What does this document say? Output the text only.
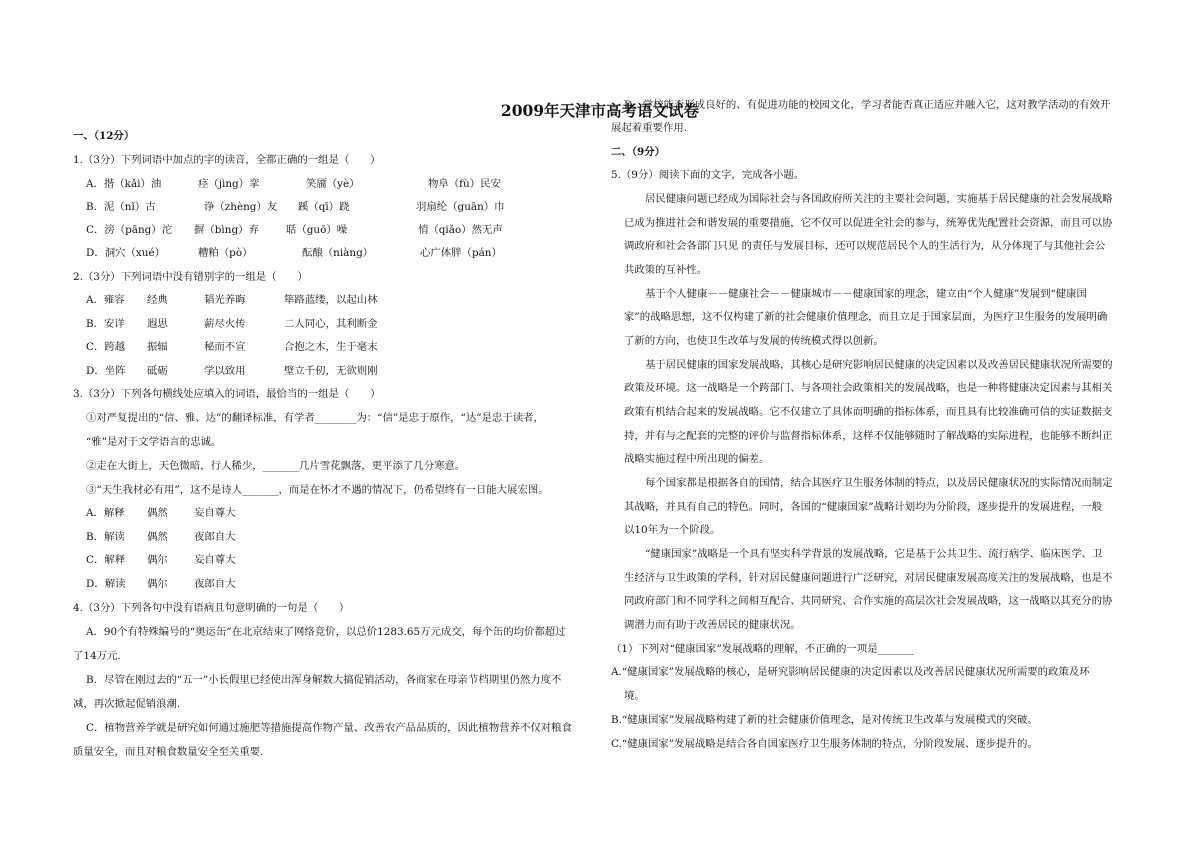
2009年天津市高考语文试卷
一、（12分）
1.（3分）下列词语中加点的字的读音，全都正确的一组是（　　）
A．揩（kǎi）油	痉（jìng）挛	笑靥（yè）	物阜（fù）民安
B．泥（nǐ）古	诤（zhèng）友 蹊（qī）跷	羽扇纶（guān）巾
C．滂（pāng）沱 摒（bìng）弃	聒（guō）噪	悄（qiǎo）然无声
D．洞穴（xué）	糟粕（pò）	酝酿（niàng）	心广体胖（pán）
2.（3分）下列词语中没有错别字的一组是（　　）
A．雍容 经典	韬光养晦	筚路蓝缕，以起山林
B．安详 遐思	薪尽火传	二人同心，其利断金
C．跨越 振辐	秘而不宣	合抱之木，生于毫末
D．坐阵 砥砺	学以致用	壁立千仞，无欲则刚
3.（3分）下列各句横线处应填入的词语，最恰当的一组是（　　）
①对严复提出的“信、雅、达”的翻译标准，有学者________为：“信”是忠于原作，“达”是忠于读者，
“雅”是对于文学语言的忠诚。
②走在大街上，天色微暗，行人稀少，_______几片雪花飘落，更平添了几分寒意。
③“天生我材必有用”，这不是诗人_______，而是在怀才不遇的情况下，仍希望终有一日能大展宏图。
A．解释 偶然	妄自尊大
B．解读 偶然	夜郎自大
C．解释 偶尔	妄自尊大
D．解读 偶尔	夜郎自大
4.（3分）下列各句中没有语病且句意明确的一句是（　　）
A．90个有特殊编号的“奥运缶”在北京结束了网络竞价，以总价1283.65万元成交，每个缶的均价都超过
了14万元.
B．尽管在刚过去的“五一”小长假里已经使出浑身解数大搞促销活动，各商家在母亲节档期里仍然力度不
减，再次掀起促销浪潮.
C．植物营养学就是研究如何通过施肥等措施提高作物产量、改善农产品品质的，因此植物营养不仅对粮食
质量安全，而且对粮食数量安全至关重要.
D．学校能否形成良好的、有促进功能的校园文化，学习者能否真正适应并融入它，这对教学活动的有效开
展起着重要作用.
二、（9分）
5.（9分）阅读下面的文字，完成各小题。
居民健康问题已经成为国际社会与各国政府所关注的主要社会问题，实施基于居民健康的社会发展战略
已成为推进社会和谐发展的重要措施，它不仅可以促进全社会的参与，统筹优先配置社会资源，而且可以协
调政府和社会各部门只见 的责任与发展目标，还可以规范居民个人的生活行为，从分体现了与其他社会公
共政策的互补性。
基于个人健康－－健康社会－－健康城市－－健康国家的理念，建立由“个人健康”发展到“健康国
家”的战略思想，这不仅构建了新的社会健康价值理念，而且立足于国家层面，为医疗卫生服务的发展明确
了新的方向，也使卫生改革与发展的传统模式得以创新。
基于居民健康的国家发展战略，其核心是研究影响居民健康的决定因素以及改善居民健康状况所需要的
政策及环境。这一战略是一个跨部门、与各项社会政策相关的发展战略，也是一种将健康决定因素与其相关
政策有机结合起来的发展战略。它不仅建立了具体而明确的指标体系，而且具有比较准确可信的实证数据支
持，并有与之配套的完整的评价与监督指标体系，这样不仅能够随时了解战略的实际进程，也能够不断纠正
战略实施过程中所出现的偏差。
每个国家都是根据各自的国情，结合其医疗卫生服务体制的特点，以及居民健康状况的实际情况而制定
其战略，并具有自己的特色。同时，各国的“健康国家”战略计划均为分阶段，逐步提升的发展进程，一般
以10年为一个阶段。
“健康国家”战略是一个具有坚实科学背景的发展战略，它是基于公共卫生、流行病学、临床医学、卫
生经济与卫生政策的学科，针对居民健康问题进行广泛研究，对居民健康发展高度关注的发展战略，也是不
同政府部门和不同学科之间相互配合、共同研究、合作实施的高层次社会发展战略，这一战略以其充分的协
调潜力而有助于改善居民的健康状况。
（1）下列对“健康国家”发展战略的理解，不正确的一项是_______
A.“健康国家”发展战略的核心，是研究影响居民健康的决定因素以及改善居民健康状况所需要的政策及环
境。
B.“健康国家”发展战略构建了新的社会健康价值理念，是对传统卫生改革与发展模式的突破。
C.“健康国家”发展战略是结合各自国家医疗卫生服务体制的特点，分阶段发展、逐步提升的。
